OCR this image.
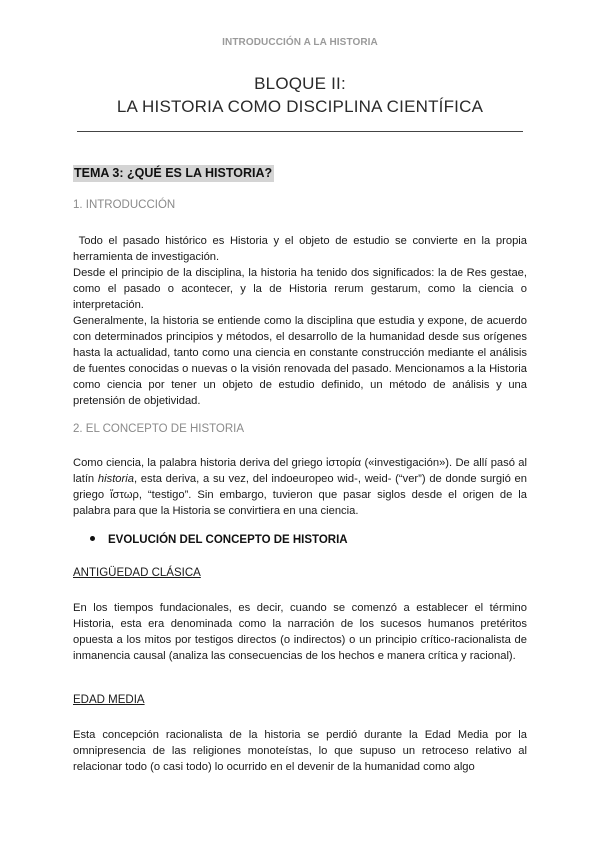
INTRODUCCIÓN A LA HISTORIA
BLOQUE II:
LA HISTORIA COMO DISCIPLINA CIENTÍFICA
TEMA 3: ¿QUÉ ES LA HISTORIA?
1. INTRODUCCIÓN

Todo el pasado histórico es Historia y el objeto de estudio se convierte en la propia herramienta de investigación.

Desde el principio de la disciplina, la historia ha tenido dos significados: la de Res gestae, como el pasado o acontecer, y la de Historia rerum gestarum, como la ciencia o interpretación.

Generalmente, la historia se entiende como la disciplina que estudia y expone, de acuerdo con determinados principios y métodos, el desarrollo de la humanidad desde sus orígenes hasta la actualidad, tanto como una ciencia en constante construcción mediante el análisis de fuentes conocidas o nuevas o la visión renovada del pasado. Mencionamos a la Historia como ciencia por tener un objeto de estudio definido, un método de análisis y una pretensión de objetividad.

2. EL CONCEPTO DE HISTORIA

Como ciencia, la palabra historia deriva del griego ἱστορία («investigación»). De allí pasó al latín historia, esta deriva, a su vez, del indoeuropeo wid-, weid- (“ver”) de donde surgió en griego ἵστωρ, “testigo”. Sin embargo, tuvieron que pasar siglos desde el origen de la palabra para que la Historia se convirtiera en una ciencia.

EVOLUCIÓN DEL CONCEPTO DE HISTORIA
ANTIGÜEDAD CLÁSICA

En los tiempos fundacionales, es decir, cuando se comenzó a establecer el término Historia, esta era denominada como la narración de los sucesos humanos pretéritos opuesta a los mitos por testigos directos (o indirectos) o un principio crítico-racionalista de inmanencia causal (analiza las consecuencias de los hechos e manera crítica y racional).

EDAD MEDIA

Esta concepción racionalista de la historia se perdió durante la Edad Media por la omnipresencia de las religiones monoteístas, lo que supuso un retroceso relativo al relacionar todo (o casi todo) lo ocurrido en el devenir de la humanidad como algo
